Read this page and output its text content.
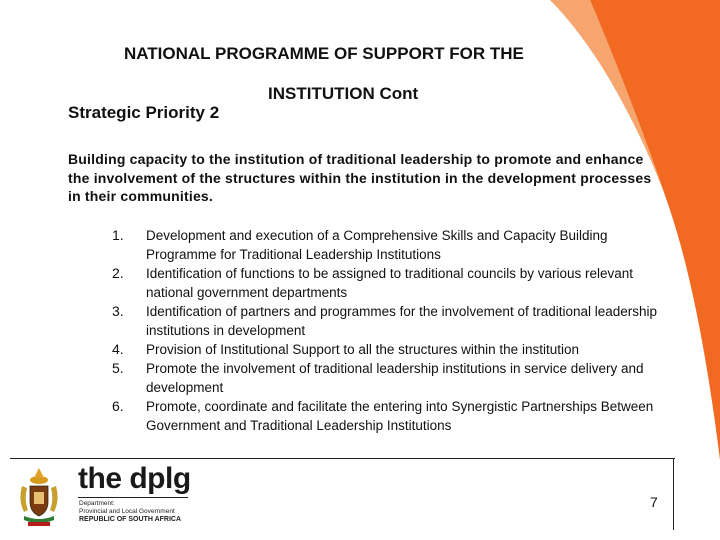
NATIONAL PROGRAMME OF SUPPORT FOR THE
INSTITUTION Cont
Strategic Priority 2
Building capacity to the institution of traditional leadership to promote and enhance the involvement of the structures within the institution in the development processes in their communities.
1. Development and execution of a Comprehensive Skills and Capacity Building Programme for Traditional Leadership Institutions
2. Identification of functions to be assigned to traditional councils by various relevant national government departments
3. Identification of partners and programmes for the involvement of traditional leadership institutions in development
4. Provision of Institutional Support to all the structures within the institution
5. Promote the involvement of traditional leadership institutions in service delivery and development
6. Promote, coordinate and facilitate the entering into Synergistic Partnerships Between Government and Traditional Leadership Institutions
the dplg
Department:
Provincial and Local Government
REPUBLIC OF SOUTH AFRICA
7
